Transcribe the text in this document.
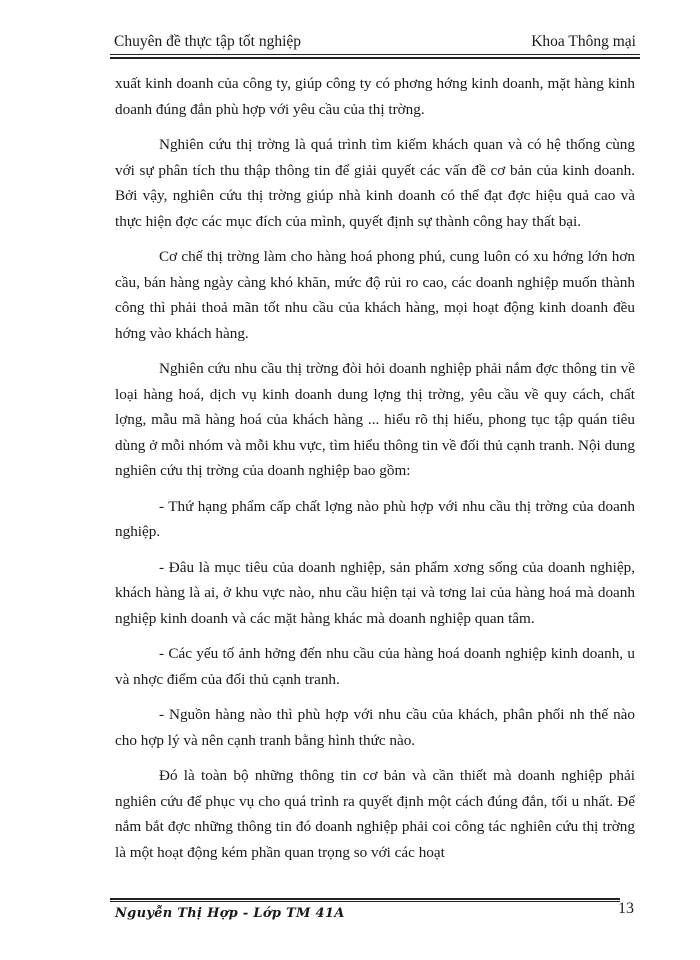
Chuyên đề thực tập tốt nghiệp	Khoa Thông mại

xuất kinh doanh của công ty, giúp công ty có phơng hớng kinh doanh, mặt hàng kinh doanh đúng đắn phù hợp với yêu cầu của thị trờng.

Nghiên cứu thị trờng là quá trình tìm kiếm khách quan và có hệ thống cùng với sự phân tích thu thập thông tin để giải quyết các vấn đề cơ bản của kinh doanh. Bởi vậy, nghiên cứu thị trờng giúp nhà kinh doanh có thể đạt đợc hiệu quả cao và thực hiện đợc các mục đích của mình, quyết định sự thành công hay thất bại.

Cơ chế thị trờng làm cho hàng hoá phong phú, cung luôn có xu hớng lớn hơn cầu, bán hàng ngày càng khó khăn, mức độ rủi ro cao, các doanh nghiệp muốn thành công thì phải thoả mãn tốt nhu cầu của khách hàng, mọi hoạt động kinh doanh đều hớng vào khách hàng.

Nghiên cứu nhu cầu thị trờng đòi hỏi doanh nghiệp phải nắm đợc thông tin về loại hàng hoá, dịch vụ kinh doanh dung lợng thị trờng, yêu cầu về quy cách, chất lợng, mẫu mã hàng hoá của khách hàng ... hiểu rõ thị hiếu, phong tục tập quán tiêu dùng ở mỗi nhóm và mỗi khu vực, tìm hiểu thông tin về đối thủ cạnh tranh. Nội dung nghiên cứu thị trờng của doanh nghiệp bao gồm:

- Thứ hạng phẩm cấp chất lợng nào phù hợp với nhu cầu thị trờng của doanh nghiệp.

- Đâu là mục tiêu của doanh nghiệp, sản phẩm xơng sống của doanh nghiệp, khách hàng là ai, ở khu vực nào, nhu cầu hiện tại và tơng lai của hàng hoá mà doanh nghiệp kinh doanh và các mặt hàng khác mà doanh nghiệp quan tâm.

- Các yếu tố ảnh hởng đến nhu cầu của hàng hoá doanh nghiệp kinh doanh, u và nhợc điểm của đối thủ cạnh tranh.

- Nguồn hàng nào thì phù hợp với nhu cầu của khách, phân phối nh thế nào cho hợp lý và nên cạnh tranh bằng hình thức nào.

Đó là toàn bộ những thông tin cơ bản và cần thiết mà doanh nghiệp phải nghiên cứu để phục vụ cho quá trình ra quyết định một cách đúng đắn, tối u nhất. Để nắm bắt đợc những thông tin đó doanh nghiệp phải coi công tác nghiên cứu thị trờng là một hoạt động kém phần quan trọng so với các hoạt

Nguyễn Thị Hợp - Lớp TM 41A	13
